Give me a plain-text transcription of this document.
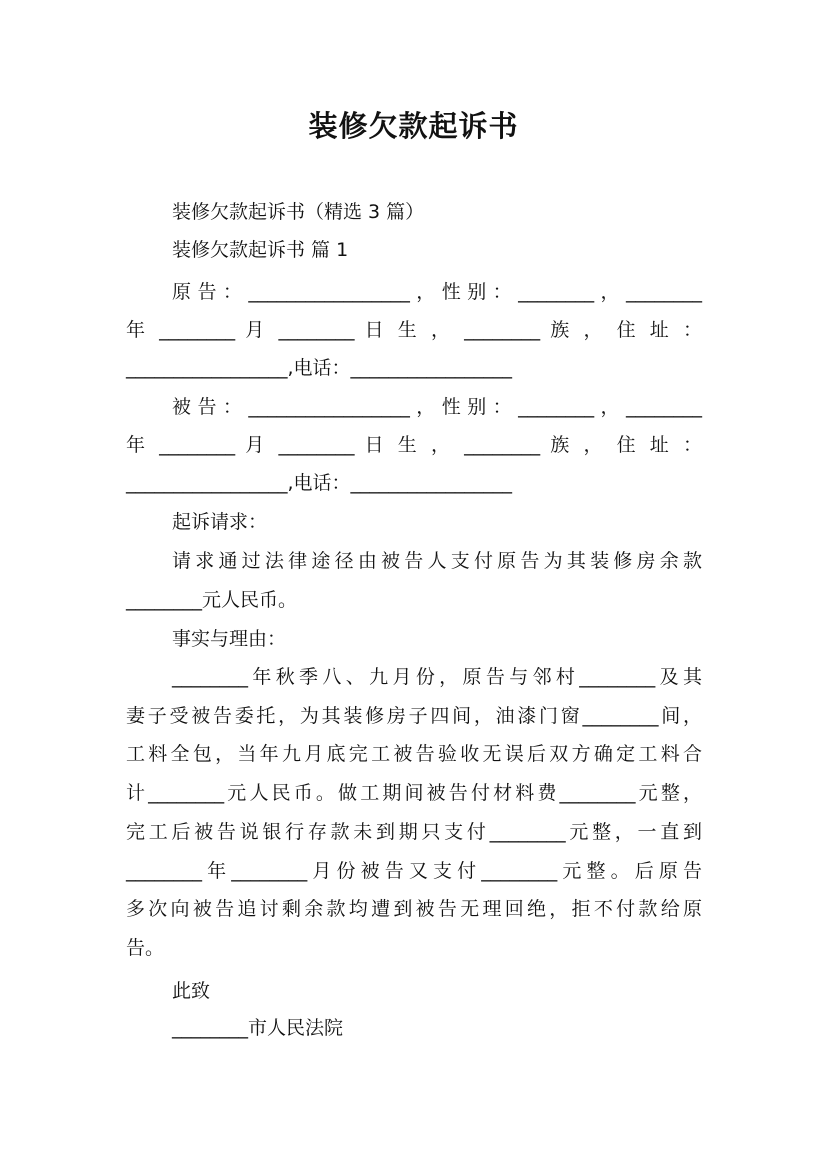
装修欠款起诉书
装修欠款起诉书（精选 3 篇）
装修欠款起诉书 篇 1
原告：_________________，性别：________，________
年 ________ 月 ________ 日 生 ， ________ 族 ， 住 址 ：
_________________,电话：_________________
被告：_________________，性别：________，________
年 ________ 月 ________ 日 生 ， ________ 族 ， 住 址 ：
_________________,电话：_________________
起诉请求：
请求通过法律途径由被告人支付原告为其装修房余款
________元人民币。
事实与理由：
________年秋季八、九月份，原告与邻村________及其
妻子受被告委托，为其装修房子四间，油漆门窗________间，
工料全包，当年九月底完工被告验收无误后双方确定工料合
计________元人民币。做工期间被告付材料费________元整，
完工后被告说银行存款未到期只支付________元整，一直到
________年________月份被告又支付________元整。后原告
多次向被告追讨剩余款均遭到被告无理回绝，拒不付款给原
告。
此致
________市人民法院
